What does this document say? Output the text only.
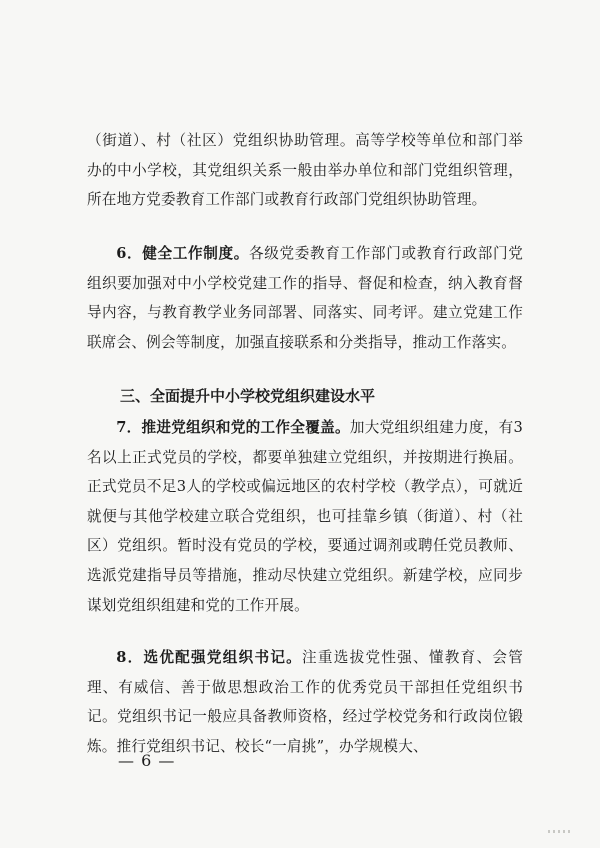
（街道）、村（社区）党组织协助管理。高等学校等单位和部门举办的中小学校，其党组织关系一般由举办单位和部门党组织管理，所在地方党委教育工作部门或教育行政部门党组织协助管理。

6．健全工作制度。各级党委教育工作部门或教育行政部门党组织要加强对中小学校党建工作的指导、督促和检查，纳入教育督导内容，与教育教学业务同部署、同落实、同考评。建立党建工作联席会、例会等制度，加强直接联系和分类指导，推动工作落实。

三、全面提升中小学校党组织建设水平

7．推进党组织和党的工作全覆盖。加大党组织组建力度，有3名以上正式党员的学校，都要单独建立党组织，并按期进行换届。正式党员不足3人的学校或偏远地区的农村学校（教学点），可就近就便与其他学校建立联合党组织，也可挂靠乡镇（街道）、村（社区）党组织。暂时没有党员的学校，要通过调剂或聘任党员教师、选派党建指导员等措施，推动尽快建立党组织。新建学校，应同步谋划党组织组建和党的工作开展。

8．选优配强党组织书记。注重选拔党性强、懂教育、会管理、有威信、善于做思想政治工作的优秀党员干部担任党组织书记。党组织书记一般应具备教师资格，经过学校党务和行政岗位锻炼。推行党组织书记、校长“一肩挑”，办学规模大、

— 6 —
